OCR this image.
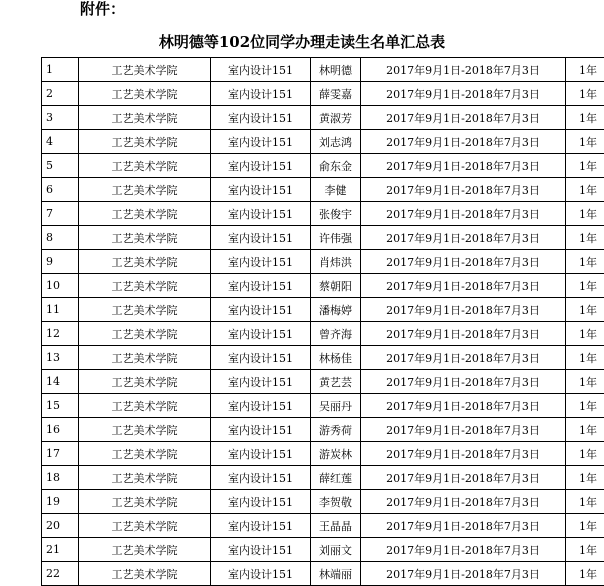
附件：
林明德等102位同学办理走读生名单汇总表
1	工艺美术学院	室内设计151	林明德	2017年9月1日-2018年7月3日	1年
2	工艺美术学院	室内设计151	薛雯嘉	2017年9月1日-2018年7月3日	1年
3	工艺美术学院	室内设计151	黄淑芳	2017年9月1日-2018年7月3日	1年
4	工艺美术学院	室内设计151	刘志鸿	2017年9月1日-2018年7月3日	1年
5	工艺美术学院	室内设计151	俞东金	2017年9月1日-2018年7月3日	1年
6	工艺美术学院	室内设计151	李健	2017年9月1日-2018年7月3日	1年
7	工艺美术学院	室内设计151	张俊宇	2017年9月1日-2018年7月3日	1年
8	工艺美术学院	室内设计151	许伟强	2017年9月1日-2018年7月3日	1年
9	工艺美术学院	室内设计151	肖炜洪	2017年9月1日-2018年7月3日	1年
10	工艺美术学院	室内设计151	蔡朝阳	2017年9月1日-2018年7月3日	1年
11	工艺美术学院	室内设计151	潘梅婷	2017年9月1日-2018年7月3日	1年
12	工艺美术学院	室内设计151	曾齐海	2017年9月1日-2018年7月3日	1年
13	工艺美术学院	室内设计151	林杨佳	2017年9月1日-2018年7月3日	1年
14	工艺美术学院	室内设计151	黄艺芸	2017年9月1日-2018年7月3日	1年
15	工艺美术学院	室内设计151	吴丽丹	2017年9月1日-2018年7月3日	1年
16	工艺美术学院	室内设计151	游秀荷	2017年9月1日-2018年7月3日	1年
17	工艺美术学院	室内设计151	游炭林	2017年9月1日-2018年7月3日	1年
18	工艺美术学院	室内设计151	薛红莲	2017年9月1日-2018年7月3日	1年
19	工艺美术学院	室内设计151	李贺敬	2017年9月1日-2018年7月3日	1年
20	工艺美术学院	室内设计151	王晶晶	2017年9月1日-2018年7月3日	1年
21	工艺美术学院	室内设计151	刘丽文	2017年9月1日-2018年7月3日	1年
22	工艺美术学院	室内设计151	林端丽	2017年9月1日-2018年7月3日	1年
